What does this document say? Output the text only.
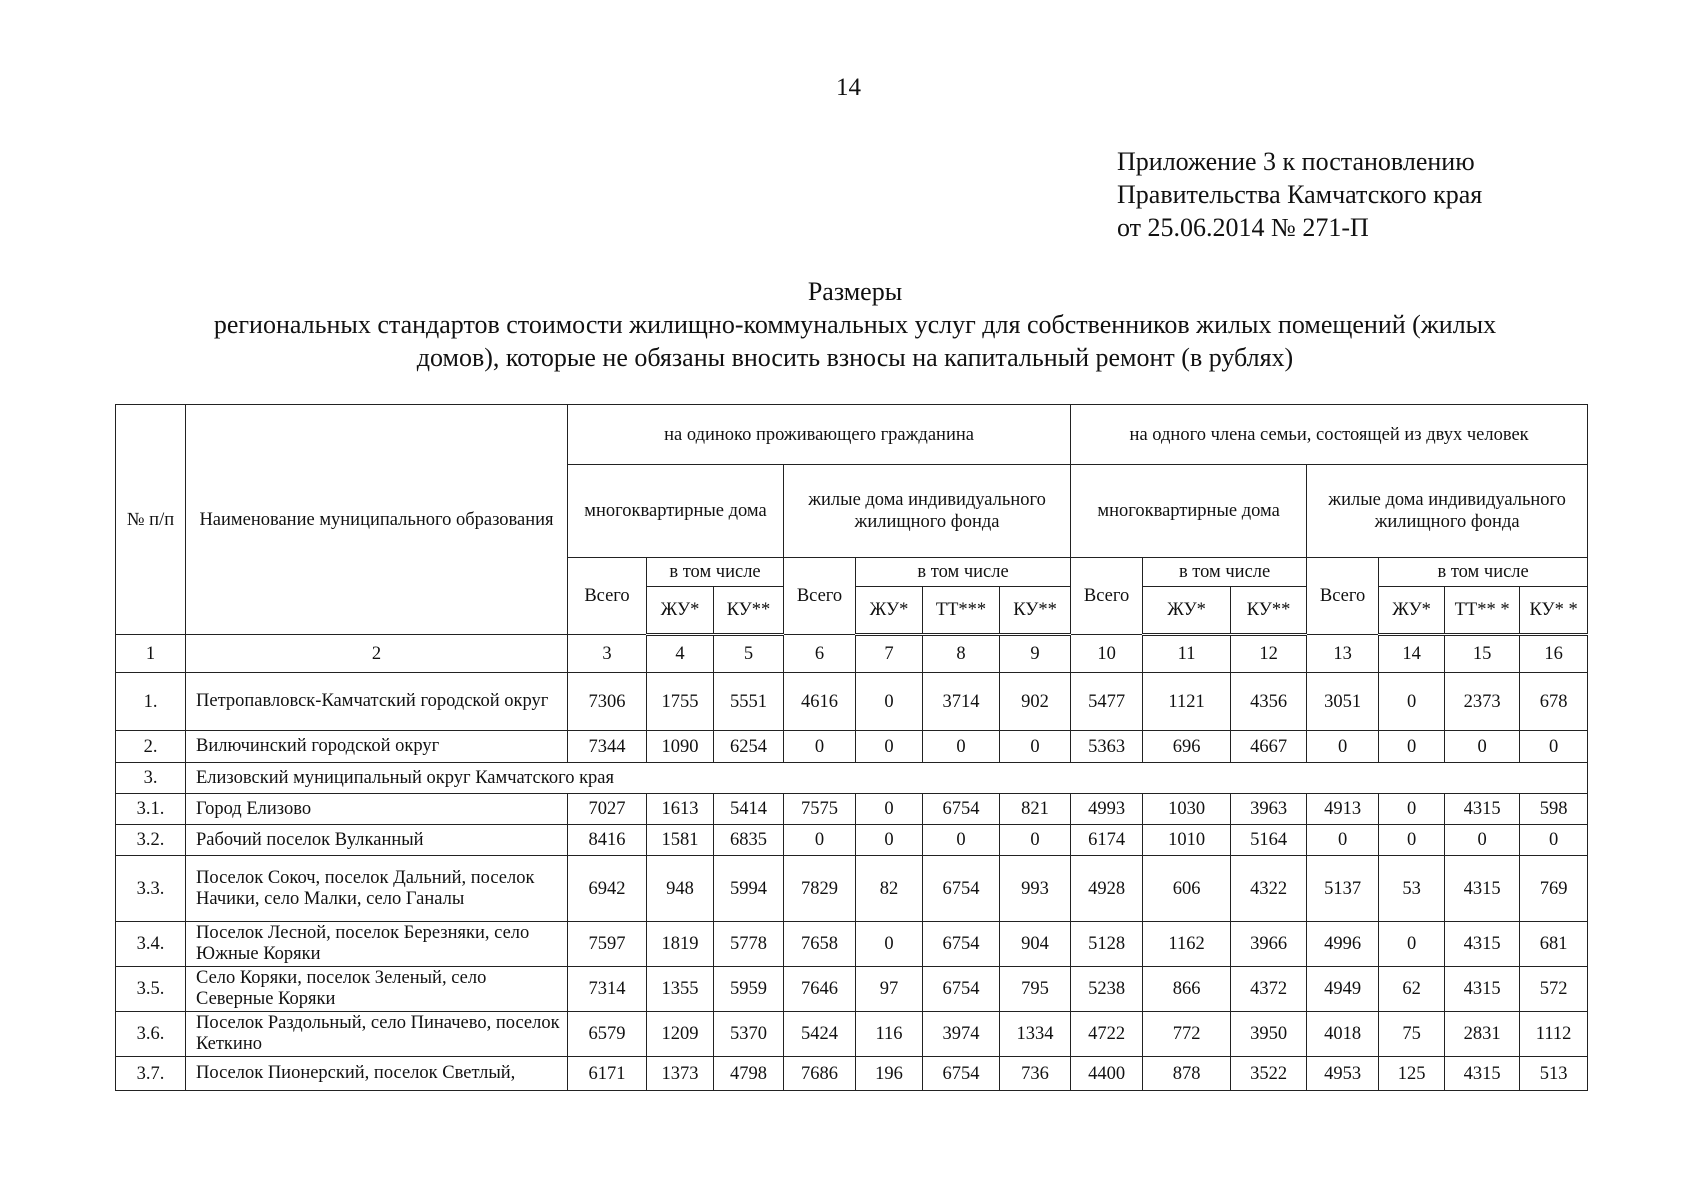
14
Приложение 3 к постановлению
Правительства Камчатского края
от 25.06.2014 № 271-П
Размеры
региональных стандартов стоимости жилищно-коммунальных услуг для собственников жилых помещений (жилых
домов), которые не обязаны вносить взносы на капитальный ремонт (в рублях)
№ п/п	Наименование муниципального образования	на одиноко проживающего гражданина							на одного члена семьи, состоящей из двух человек						
		многоквартирные дома			жилые дома индивидуального жилищного фонда				многоквартирные дома			жилые дома индивидуального жилищного фонда			
		Всего	в том числе		Всего	в том числе			Всего	в том числе		Всего	в том числе		
			ЖУ*	КУ**		ЖУ*	ТТ***	КУ**		ЖУ*	КУ**		ЖУ*	ТТ** *	КУ* *
1	2	3	4	5	6	7	8	9	10	11	12	13	14	15	16
1.	Петропавловск-Камчатский городской округ	7306	1755	5551	4616	0	3714	902	5477	1121	4356	3051	0	2373	678
2.	Вилючинский городской округ	7344	1090	6254	0	0	0	0	5363	696	4667	0	0	0	0
3.	Елизовский муниципальный округ Камчатского края														
3.1.	Город Елизово	7027	1613	5414	7575	0	6754	821	4993	1030	3963	4913	0	4315	598
3.2.	Рабочий поселок Вулканный	8416	1581	6835	0	0	0	0	6174	1010	5164	0	0	0	0
3.3.	Поселок Сокоч, поселок Дальний, поселок Начики, село Малки, село Ганалы	6942	948	5994	7829	82	6754	993	4928	606	4322	5137	53	4315	769
3.4.	Поселок Лесной, поселок Березняки, село Южные Коряки	7597	1819	5778	7658	0	6754	904	5128	1162	3966	4996	0	4315	681
3.5.	Село Коряки, поселок Зеленый, село Северные Коряки	7314	1355	5959	7646	97	6754	795	5238	866	4372	4949	62	4315	572
3.6.	Поселок Раздольный, село Пиначево, поселок Кеткино	6579	1209	5370	5424	116	3974	1334	4722	772	3950	4018	75	2831	1112
3.7.	Поселок Пионерский, поселок Светлый,	6171	1373	4798	7686	196	6754	736	4400	878	3522	4953	125	4315	513
